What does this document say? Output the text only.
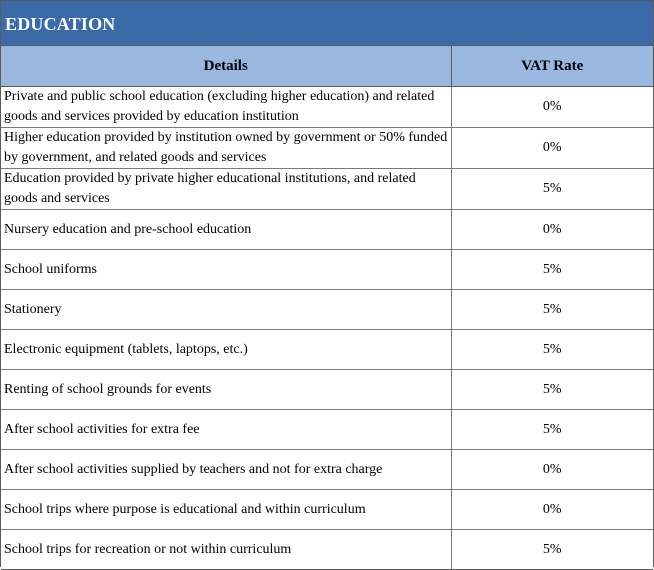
EDUCATION
Details	VAT Rate
Private and public school education (excluding higher education) and related goods and services provided by education institution	0%
Higher education provided by institution owned by government or 50% funded by government, and related goods and services	0%
Education provided by private higher educational institutions, and related goods and services	5%
Nursery education and pre-school education	0%
School uniforms	5%
Stationery	5%
Electronic equipment (tablets, laptops, etc.)	5%
Renting of school grounds for events	5%
After school activities for extra fee	5%
After school activities supplied by teachers and not for extra charge	0%
School trips where purpose is educational and within curriculum	0%
School trips for recreation or not within curriculum	5%
